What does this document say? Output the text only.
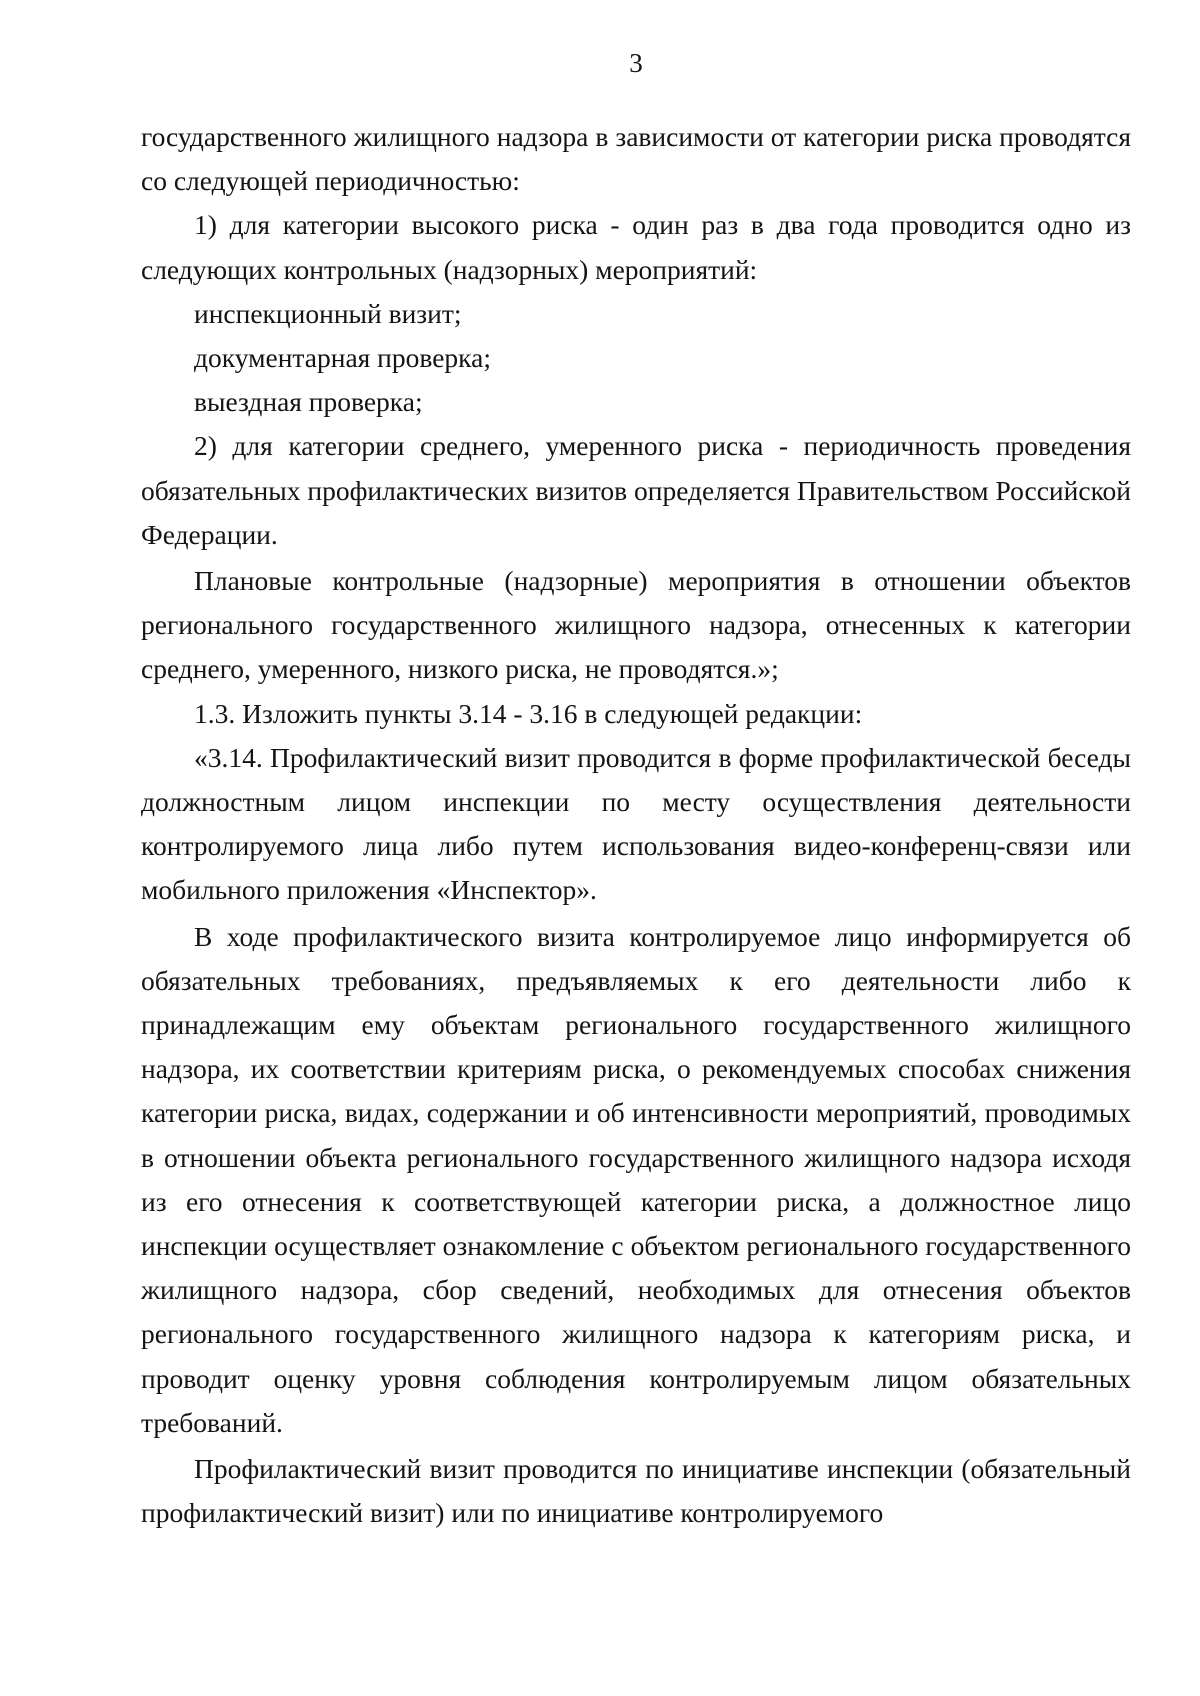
3

государственного жилищного надзора в зависимости от категории риска проводятся со следующей периодичностью:

1) для категории высокого риска - один раз в два года проводится одно из следующих контрольных (надзорных) мероприятий:

инспекционный визит;

документарная проверка;

выездная проверка;

2) для категории среднего, умеренного риска - периодичность проведения обязательных профилактических визитов определяется Правительством Российской Федерации.

Плановые контрольные (надзорные) мероприятия в отношении объектов регионального государственного жилищного надзора, отнесенных к категории среднего, умеренного, низкого риска, не проводятся.»;

1.3. Изложить пункты 3.14 - 3.16 в следующей редакции:

«3.14. Профилактический визит проводится в форме профилактической беседы должностным лицом инспекции по месту осуществления деятельности контролируемого лица либо путем использования видео-конференц-связи или мобильного приложения «Инспектор».

В ходе профилактического визита контролируемое лицо информируется об обязательных требованиях, предъявляемых к его деятельности либо к принадлежащим ему объектам регионального государственного жилищного надзора, их соответствии критериям риска, о рекомендуемых способах снижения категории риска, видах, содержании и об интенсивности мероприятий, проводимых в отношении объекта регионального государственного жилищного надзора исходя из его отнесения к соответствующей категории риска, а должностное лицо инспекции осуществляет ознакомление с объектом регионального государственного жилищного надзора, сбор сведений, необходимых для отнесения объектов регионального государственного жилищного надзора к категориям риска, и проводит оценку уровня соблюдения контролируемым лицом обязательных требований.

Профилактический визит проводится по инициативе инспекции (обязательный профилактический визит) или по инициативе контролируемого
